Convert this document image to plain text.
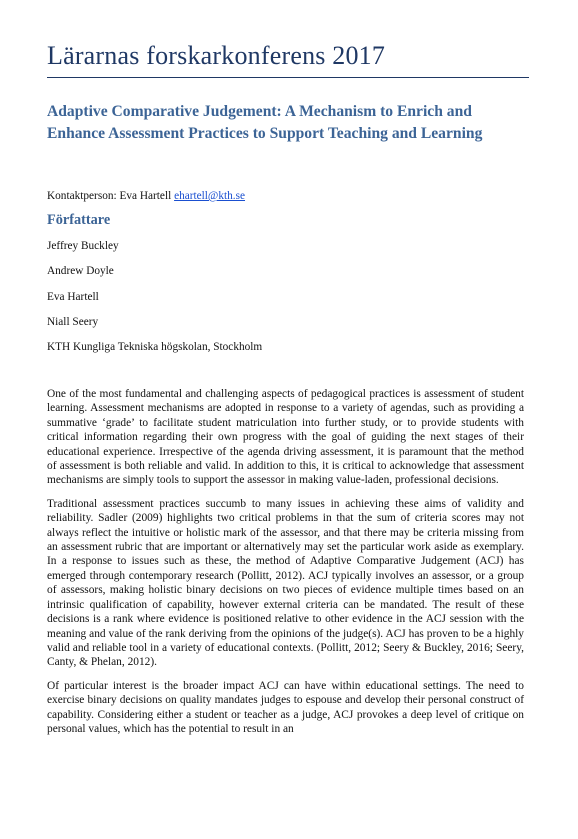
Lärarnas forskarkonferens 2017
Adaptive Comparative Judgement: A Mechanism to Enrich and Enhance Assessment Practices to Support Teaching and Learning
Kontaktperson: Eva Hartell ehartell@kth.se
Författare
Jeffrey Buckley
Andrew Doyle
Eva Hartell
Niall Seery
KTH Kungliga Tekniska högskolan, Stockholm

One of the most fundamental and challenging aspects of pedagogical practices is assessment of student learning. Assessment mechanisms are adopted in response to a variety of agendas, such as providing a summative ‘grade’ to facilitate student matriculation into further study, or to provide students with critical information regarding their own progress with the goal of guiding the next stages of their educational experience. Irrespective of the agenda driving assessment, it is paramount that the method of assessment is both reliable and valid. In addition to this, it is critical to acknowledge that assessment mechanisms are simply tools to support the assessor in making value-laden, professional decisions.

Traditional assessment practices succumb to many issues in achieving these aims of validity and reliability. Sadler (2009) highlights two critical problems in that the sum of criteria scores may not always reflect the intuitive or holistic mark of the assessor, and that there may be criteria missing from an assessment rubric that are important or alternatively may set the particular work aside as exemplary. In a response to issues such as these, the method of Adaptive Comparative Judgement (ACJ) has emerged through contemporary research (Pollitt, 2012). ACJ typically involves an assessor, or a group of assessors, making holistic binary decisions on two pieces of evidence multiple times based on an intrinsic qualification of capability, however external criteria can be mandated. The result of these decisions is a rank where evidence is positioned relative to other evidence in the ACJ session with the meaning and value of the rank deriving from the opinions of the judge(s). ACJ has proven to be a highly valid and reliable tool in a variety of educational contexts. (Pollitt, 2012; Seery & Buckley, 2016; Seery, Canty, & Phelan, 2012).

Of particular interest is the broader impact ACJ can have within educational settings. The need to exercise binary decisions on quality mandates judges to espouse and develop their personal construct of capability. Considering either a student or teacher as a judge, ACJ provokes a deep level of critique on personal values, which has the potential to result in an
